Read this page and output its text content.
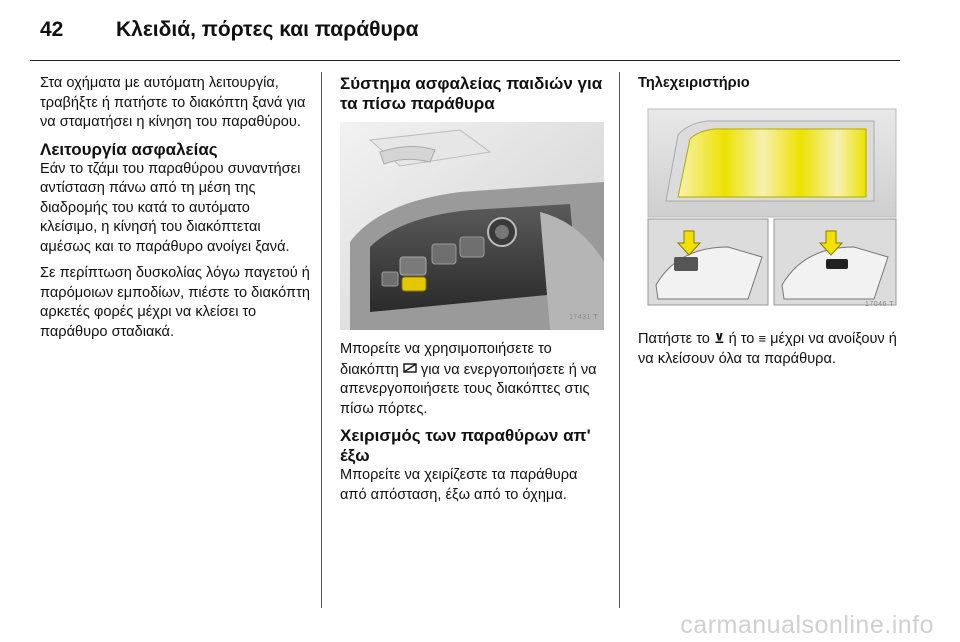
42	Κλειδιά, πόρτες και παράθυρα

Στα οχήματα με αυτόματη λειτουργία, τραβήξτε ή πατήστε το διακόπτη ξανά για να σταματήσει η κίνηση του παραθύρου.

Λειτουργία ασφαλείας

Εάν το τζάμι του παραθύρου συναντήσει αντίσταση πάνω από τη μέση της διαδρομής του κατά το αυτόματο κλείσιμο, η κίνησή του διακόπτεται αμέσως και το παράθυρο ανοίγει ξανά.

Σε περίπτωση δυσκολίας λόγω παγετού ή παρόμοιων εμποδίων, πιέστε το διακόπτη αρκετές φορές μέχρι να κλείσει το παράθυρο σταδιακά.

Σύστημα ασφαλείας παιδιών για τα πίσω παράθυρα
17431 T

Μπορείτε να χρησιμοποιήσετε το διακόπτη για να ενεργοποιήσετε ή να απενεργοποιήσετε τους διακόπτες στις πίσω πόρτες.

Χειρισμός των παραθύρων απ' έξω

Μπορείτε να χειρίζεστε τα παράθυρα από απόσταση, έξω από το όχημα.

Τηλεχειριστήριο
17046 T

Πατήστε το ⊻ ή το ≡ μέχρι να ανοίξουν ή να κλείσουν όλα τα παράθυρα.

carmanualsonline.info
